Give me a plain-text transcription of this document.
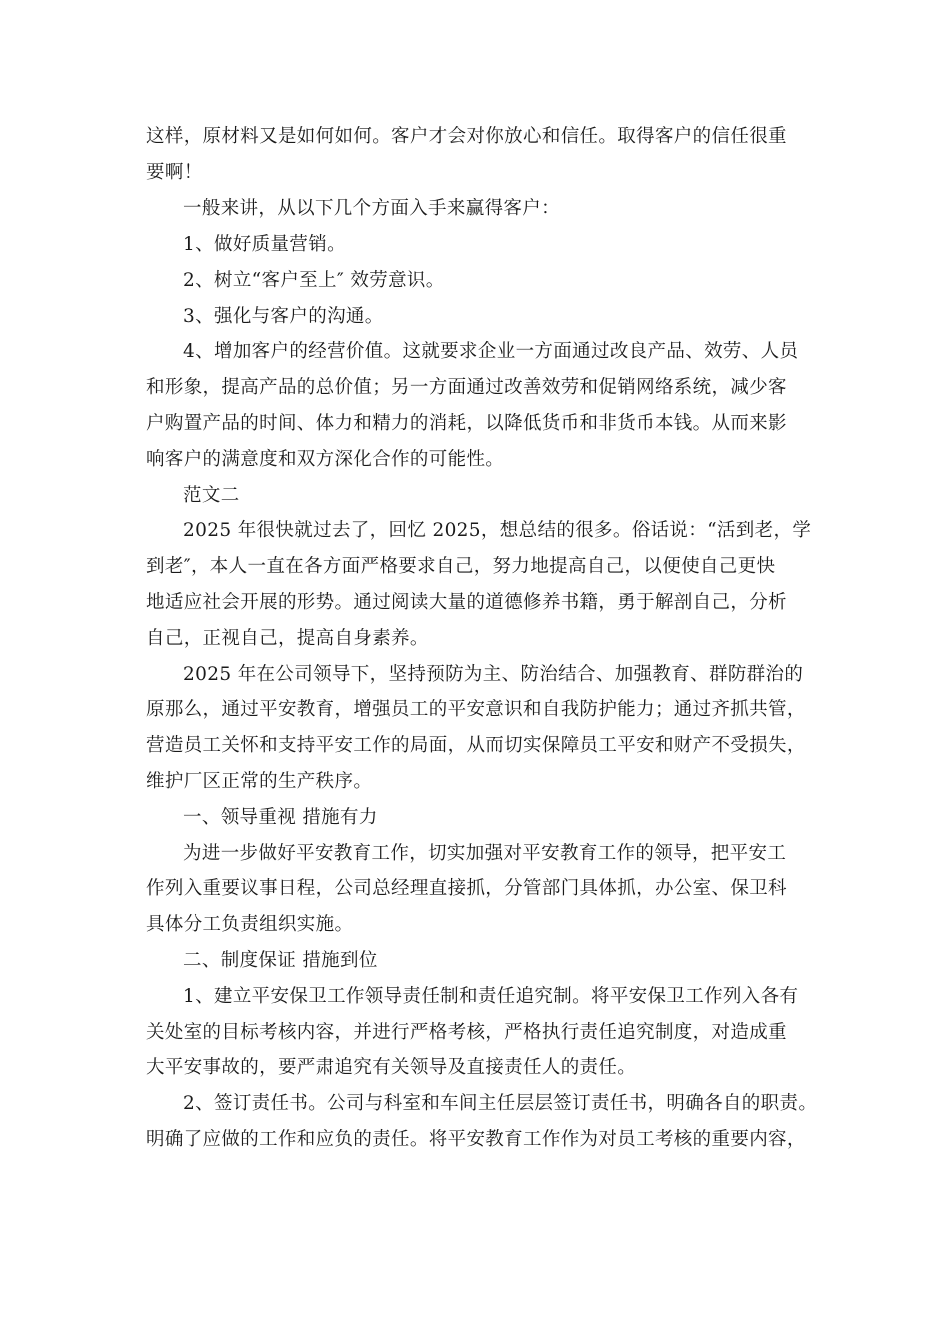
这样，原材料又是如何如何。客户才会对你放心和信任。取得客户的信任很重
要啊！
一般来讲，从以下几个方面入手来赢得客户：
1、做好质量营销。
2、树立“客户至上″ 效劳意识。
3、强化与客户的沟通。
4、增加客户的经营价值。这就要求企业一方面通过改良产品、效劳、人员
和形象，提高产品的总价值；另一方面通过改善效劳和促销网络系统，减少客
户购置产品的时间、体力和精力的消耗，以降低货币和非货币本钱。从而来影
响客户的满意度和双方深化合作的可能性。
范文二
2025 年很快就过去了，回忆 2025，想总结的很多。俗话说：“活到老，学
到老″，本人一直在各方面严格要求自己，努力地提高自己，以便使自己更快
地适应社会开展的形势。通过阅读大量的道德修养书籍，勇于解剖自己，分析
自己，正视自己，提高自身素养。
2025 年在公司领导下，坚持预防为主、防治结合、加强教育、群防群治的
原那么，通过平安教育，增强员工的平安意识和自我防护能力；通过齐抓共管，
营造员工关怀和支持平安工作的局面，从而切实保障员工平安和财产不受损失，
维护厂区正常的生产秩序。
一、领导重视 措施有力
为进一步做好平安教育工作，切实加强对平安教育工作的领导，把平安工
作列入重要议事日程，公司总经理直接抓，分管部门具体抓，办公室、保卫科
具体分工负责组织实施。
二、制度保证 措施到位
1、建立平安保卫工作领导责任制和责任追究制。将平安保卫工作列入各有
关处室的目标考核内容，并进行严格考核，严格执行责任追究制度，对造成重
大平安事故的，要严肃追究有关领导及直接责任人的责任。
2、签订责任书。公司与科室和车间主任层层签订责任书，明确各自的职责。
明确了应做的工作和应负的责任。将平安教育工作作为对员工考核的重要内容，
